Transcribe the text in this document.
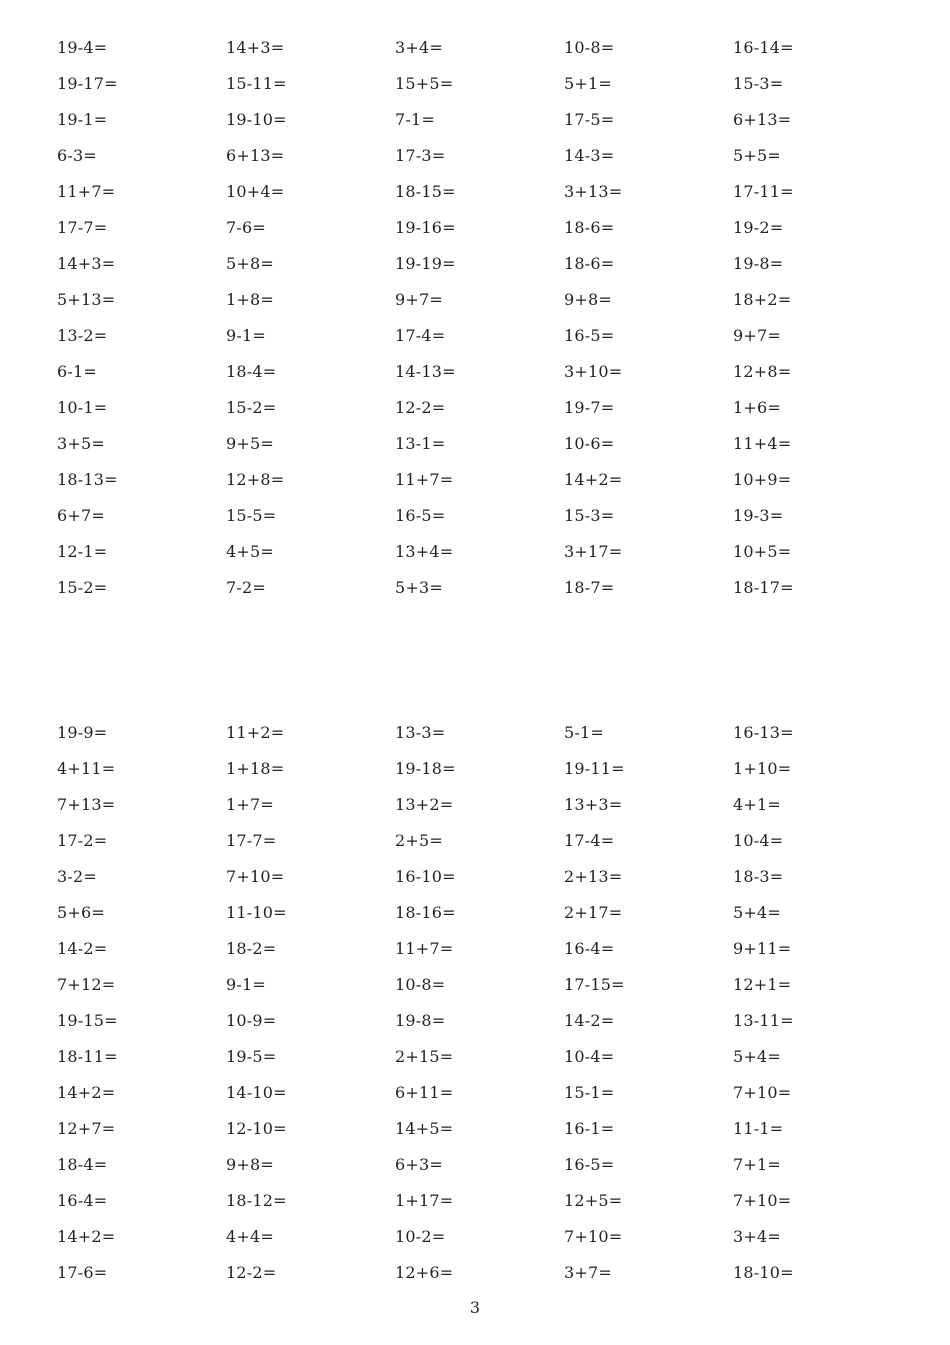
19-4=	14+3=	3+4=	10-8=	16-14=
19-17=	15-11=	15+5=	5+1=	15-3=
19-1=	19-10=	7-1=	17-5=	6+13=
6-3=	6+13=	17-3=	14-3=	5+5=
11+7=	10+4=	18-15=	3+13=	17-11=
17-7=	7-6=	19-16=	18-6=	19-2=
14+3=	5+8=	19-19=	18-6=	19-8=
5+13=	1+8=	9+7=	9+8=	18+2=
13-2=	9-1=	17-4=	16-5=	9+7=
6-1=	18-4=	14-13=	3+10=	12+8=
10-1=	15-2=	12-2=	19-7=	1+6=
3+5=	9+5=	13-1=	10-6=	11+4=
18-13=	12+8=	11+7=	14+2=	10+9=
6+7=	15-5=	16-5=	15-3=	19-3=
12-1=	4+5=	13+4=	3+17=	10+5=
15-2=	7-2=	5+3=	18-7=	18-17=
19-9=	11+2=	13-3=	5-1=	16-13=
4+11=	1+18=	19-18=	19-11=	1+10=
7+13=	1+7=	13+2=	13+3=	4+1=
17-2=	17-7=	2+5=	17-4=	10-4=
3-2=	7+10=	16-10=	2+13=	18-3=
5+6=	11-10=	18-16=	2+17=	5+4=
14-2=	18-2=	11+7=	16-4=	9+11=
7+12=	9-1=	10-8=	17-15=	12+1=
19-15=	10-9=	19-8=	14-2=	13-11=
18-11=	19-5=	2+15=	10-4=	5+4=
14+2=	14-10=	6+11=	15-1=	7+10=
12+7=	12-10=	14+5=	16-1=	11-1=
18-4=	9+8=	6+3=	16-5=	7+1=
16-4=	18-12=	1+17=	12+5=	7+10=
14+2=	4+4=	10-2=	7+10=	3+4=
17-6=	12-2=	12+6=	3+7=	18-10=
3
